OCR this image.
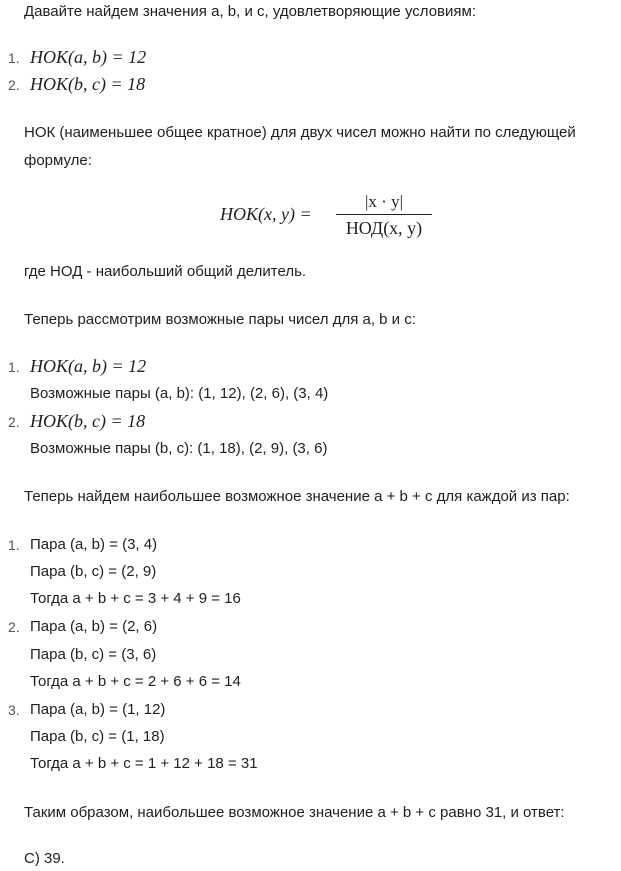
Давайте найдем значения a, b, и c, удовлетворяющие условиям:
1. HOK(a, b) = 12
2. HOK(b, c) = 18
НОК (наименьшее общее кратное) для двух чисел можно найти по следующей
формуле:
HOK(x, y) =
|x · y|
НОД(x, y)
где НОД - наибольший общий делитель.
Теперь рассмотрим возможные пары чисел для a, b и c:
1. HOK(a, b) = 12
Возможные пары (a, b): (1, 12), (2, 6), (3, 4)
2. HOK(b, c) = 18
Возможные пары (b, c): (1, 18), (2, 9), (3, 6)
Теперь найдем наибольшее возможное значение a + b + c для каждой из пар:
1. Пара (a, b) = (3, 4)
Пара (b, c) = (2, 9)
Тогда a + b + c = 3 + 4 + 9 = 16
2. Пара (a, b) = (2, 6)
Пара (b, c) = (3, 6)
Тогда a + b + c = 2 + 6 + 6 = 14
3. Пара (a, b) = (1, 12)
Пара (b, c) = (1, 18)
Тогда a + b + c = 1 + 12 + 18 = 31
Таким образом, наибольшее возможное значение a + b + c равно 31, и ответ:
C) 39.
